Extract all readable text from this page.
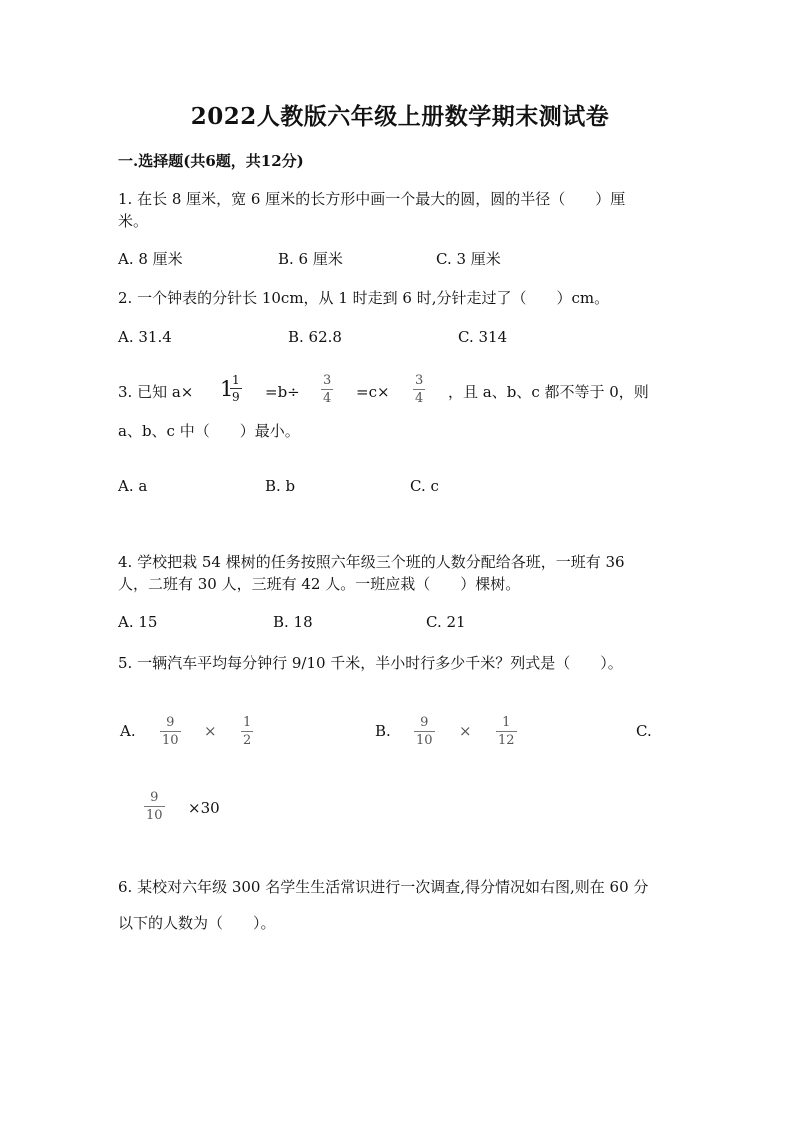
2022人教版六年级上册数学期末测试卷
一.选择题(共6题，共12分)
1. 在长 8 厘米，宽 6 厘米的长方形中画一个最大的圆，圆的半径（　　）厘
米。
A. 8 厘米	B. 6 厘米	C. 3 厘米
2. 一个钟表的分针长 10cm，从 1 时走到 6 时,分针走过了（　　）cm。
A. 31.4	B. 62.8	C. 314
3. 已知 a× 1
1
9 =b÷
3
4 =c×
3
4 ，且 a、b、c 都不等于 0，则
a、b、c 中（　　）最小。
A. a	B. b	C. c
4. 学校把栽 54 棵树的任务按照六年级三个班的人数分配给各班，一班有 36
人，二班有 30 人，三班有 42 人。一班应栽（　　）棵树。
A. 15	B. 18	C. 21
5. 一辆汽车平均每分钟行 9/10 千米，半小时行多少千米？列式是（　　）。
A. 9
10
× 1
2
B. 9
10
× 1
12
C.
9
10 ×30
6. 某校对六年级 300 名学生生活常识进行一次调查,得分情况如右图,则在 60 分
以下的人数为（　　）。
